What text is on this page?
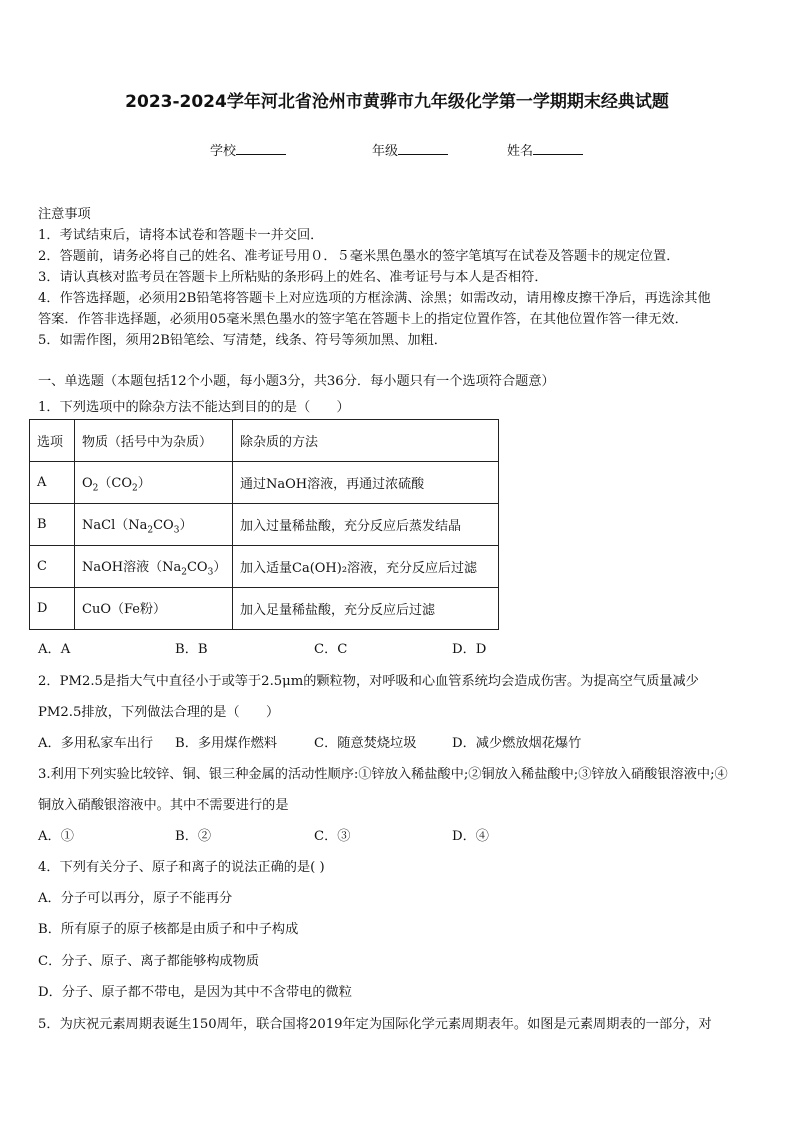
2023-2024学年河北省沧州市黄骅市九年级化学第一学期期末经典试题
学校	年级	姓名
注意事项
1．考试结束后，请将本试卷和答题卡一并交回．
2．答题前，请务必将自己的姓名、准考证号用０．５毫米黑色墨水的签字笔填写在试卷及答题卡的规定位置．
3．请认真核对监考员在答题卡上所粘贴的条形码上的姓名、准考证号与本人是否相符．
4．作答选择题，必须用2B铅笔将答题卡上对应选项的方框涂满、涂黑；如需改动，请用橡皮擦干净后，再选涂其他
答案．作答非选择题，必须用05毫米黑色墨水的签字笔在答题卡上的指定位置作答，在其他位置作答一律无效．
5．如需作图，须用2B铅笔绘、写清楚，线条、符号等须加黑、加粗．
一、单选题（本题包括12个小题，每小题3分，共36分．每小题只有一个选项符合题意）
1．下列选项中的除杂方法不能达到目的的是（　　）
选项	物质（括号中为杂质）	除杂质的方法
A	$O_2(CO_2)$	通过NaOH溶液，再通过浓硫酸
B	$NaCl(Na_2CO_3)$	加入过量稀盐酸，充分反应后蒸发结晶
C	NaOH溶液$(Na_2CO_3)$	加入适量Ca(OH)₂溶液，充分反应后过滤
D	CuO（Fe粉）	加入足量稀盐酸，充分反应后过滤
A．A	B．B	C．C	D．D
2．PM2.5是指大气中直径小于或等于2.5μm的颗粒物，对呼吸和心血管系统均会造成伤害。为提高空气质量减少
PM2.5排放，下列做法合理的是（　　）
A．多用私家车出行 B．多用煤作燃料	C．随意焚烧垃圾	D．减少燃放烟花爆竹
3.利用下列实验比较锌、铜、银三种金属的活动性顺序:①锌放入稀盐酸中;②铜放入稀盐酸中;③锌放入硝酸银溶液中;④
铜放入硝酸银溶液中。其中不需要进行的是
A．①	B．②	C．③	D．④
4．下列有关分子、原子和离子的说法正确的是( )
A．分子可以再分，原子不能再分
B．所有原子的原子核都是由质子和中子构成
C．分子、原子、离子都能够构成物质
D．分子、原子都不带电，是因为其中不含带电的微粒
5．为庆祝元素周期表诞生150周年，联合国将2019年定为国际化学元素周期表年。如图是元素周期表的一部分，对
